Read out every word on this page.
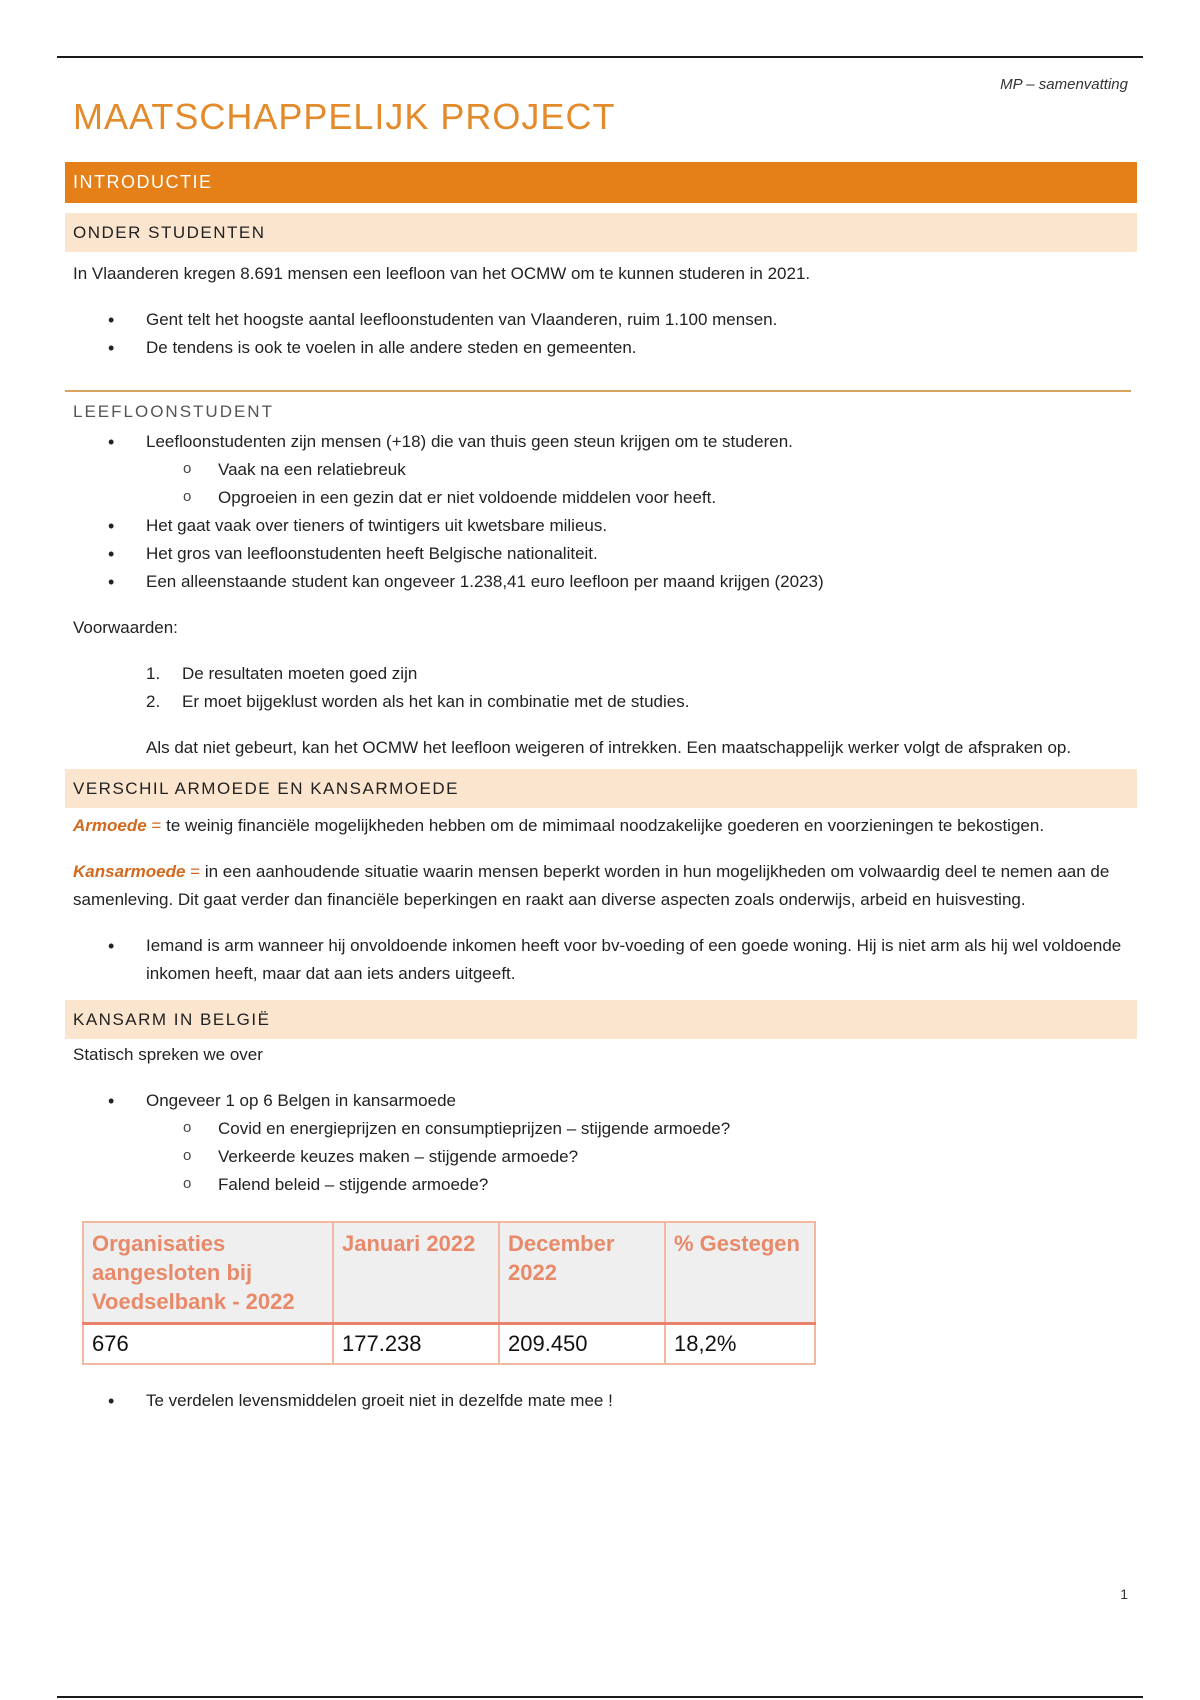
MP – samenvatting
MAATSCHAPPELIJK PROJECT
INTRODUCTIE
ONDER STUDENTEN

In Vlaanderen kregen 8.691 mensen een leefloon van het OCMW om te kunnen studeren in 2021.

• Gent telt het hoogste aantal leefloonstudenten van Vlaanderen, ruim 1.100 mensen.
• De tendens is ook te voelen in alle andere steden en gemeenten.
LEEFLOONSTUDENT
• Leefloonstudenten zijn mensen (+18) die van thuis geen steun krijgen om te studeren.
o Vaak na een relatiebreuk
o Opgroeien in een gezin dat er niet voldoende middelen voor heeft.
• Het gaat vaak over tieners of twintigers uit kwetsbare milieus.
• Het gros van leefloonstudenten heeft Belgische nationaliteit.
• Een alleenstaande student kan ongeveer 1.238,41 euro leefloon per maand krijgen (2023)

Voorwaarden:

1. De resultaten moeten goed zijn
2. Er moet bijgeklust worden als het kan in combinatie met de studies.

Als dat niet gebeurt, kan het OCMW het leefloon weigeren of intrekken. Een maatschappelijk werker volgt de afspraken op.

VERSCHIL ARMOEDE EN KANSARMOEDE

Armoede = te weinig financiële mogelijkheden hebben om de mimimaal noodzakelijke goederen en voorzieningen te bekostigen.

Kansarmoede = in een aanhoudende situatie waarin mensen beperkt worden in hun mogelijkheden om volwaardig deel te nemen aan de samenleving. Dit gaat verder dan financiële beperkingen en raakt aan diverse aspecten zoals onderwijs, arbeid en huisvesting.

• Iemand is arm wanneer hij onvoldoende inkomen heeft voor bv-voeding of een goede woning. Hij is niet arm als hij wel voldoende inkomen heeft, maar dat aan iets anders uitgeeft.
KANSARM IN BELGIË

Statisch spreken we over

• Ongeveer 1 op 6 Belgen in kansarmoede
o Covid en energieprijzen en consumptieprijzen – stijgende armoede?
o Verkeerde keuzes maken – stijgende armoede?
o Falend beleid – stijgende armoede?
Organisaties aangesloten bij Voedselbank - 2022	Januari 2022	December 2022	% Gestegen
676	177.238	209.450	18,2%
• Te verdelen levensmiddelen groeit niet in dezelfde mate mee !
1
